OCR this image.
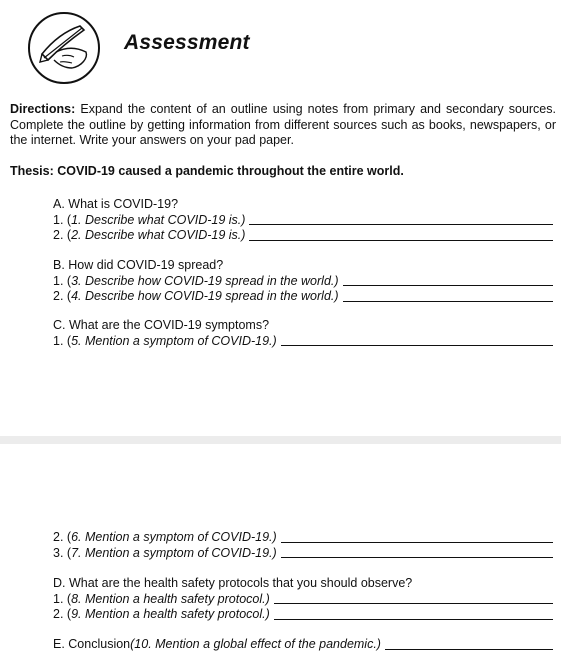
Assessment
Directions: Expand the content of an outline using notes from primary and secondary sources. Complete the outline by getting information from different sources such as books, newspapers, or the internet. Write your answers on your pad paper.
Thesis: COVID-19 caused a pandemic throughout the entire world.
A. What is COVID-19?
1. ( 1. Describe what COVID-19 is.)
2. ( 2. Describe what COVID-19 is.)
B. How did COVID-19 spread?
1. ( 3. Describe how COVID-19 spread in the world.)
2. ( 4. Describe how COVID-19 spread in the world.)
C. What are the COVID-19 symptoms?
1. ( 5. Mention a symptom of COVID-19.)
2. ( 6. Mention a symptom of COVID-19.)
3. ( 7. Mention a symptom of COVID-19.)
D. What are the health safety protocols that you should observe?
1. ( 8. Mention a health safety protocol.)
2. ( 9. Mention a health safety protocol.)
E. Conclusion (10. Mention a global effect of the pandemic.)
